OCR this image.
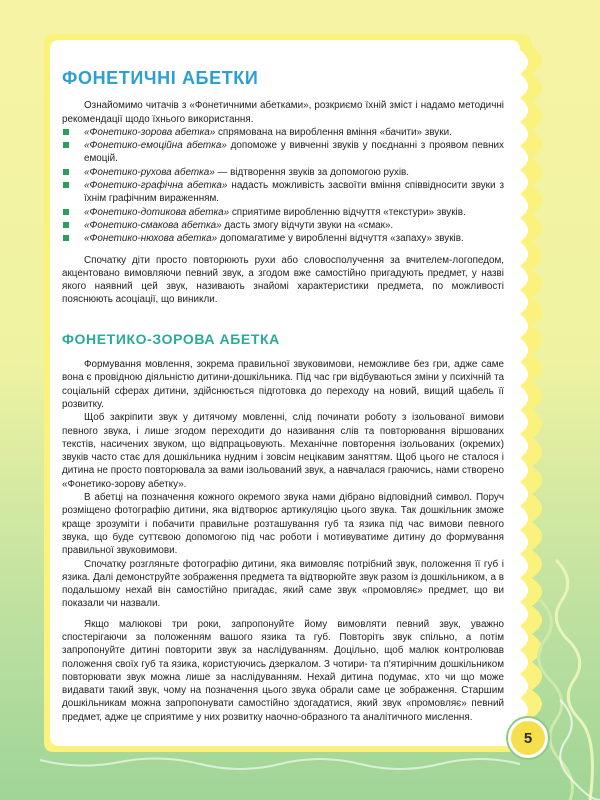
ФОНЕТИЧНІ АБЕТКИ

Ознайомимо читачів з «Фонетичними абетками», розкриємо їхній зміст і надамо методичні рекомендації щодо їхнього використання.

«Фонетико-зорова абетка» спрямована на вироблення вміння «бачити» звуки.
«Фонетико-емоційна абетка» допоможе у вивченні звуків у поєднанні з проявом певних емоцій.
«Фонетико-рухова абетка» — відтворення звуків за допомогою рухів.
«Фонетико-графічна абетка» надасть можливість засвоїти вміння співвідносити звуки з їхнім графічним вираженням.
«Фонетико-дотикова абетка» сприятиме виробленню відчуття «текстури» звуків.
«Фонетико-смакова абетка» дасть змогу відчути звуки на «смак».
«Фонетико-нюхова абетка» допомагатиме у виробленні відчуття «запаху» звуків.

Спочатку діти просто повторюють рухи або словосполучення за вчителем-логопедом, акцентовано вимовляючи певний звук, а згодом вже самостійно пригадують предмет, у назві якого наявний цей звук, називають знайомі характеристики предмета, по можливості пояснюють асоціації, що виникли.

ФОНЕТИКО-ЗОРОВА АБЕТКА

Формування мовлення, зокрема правильної звуковимови, неможливе без гри, адже саме вона є провідною діяльністю дитини-дошкільника. Під час гри відбуваються зміни у психічній та соціальній сферах дитини, здійснюється підготовка до переходу на новий, вищий щабель її розвитку.

Щоб закріпити звук у дитячому мовленні, слід починати роботу з ізольованої вимови певного звука, і лише згодом переходити до називання слів та повторювання віршованих текстів, насичених звуком, що відпрацьовують. Механічне повторення ізольованих (окремих) звуків часто стає для дошкільника нудним і зовсім нецікавим заняттям. Щоб цього не сталося і дитина не просто повторювала за вами ізольований звук, а навчалася граючись, нами створено «Фонетико-зорову абетку».

В абетці на позначення кожного окремого звука нами дібрано відповідний символ. Поруч розміщено фотографію дитини, яка відтворює артикуляцію цього звука. Так дошкільник зможе краще зрозуміти і побачити правильне розташування губ та язика під час вимови певного звука, що буде суттєвою допомогою під час роботи і мотивуватиме дитину до формування правильної звуковимови.

Спочатку розгляньте фотографію дитини, яка вимовляє потрібний звук, положення її губ і язика. Далі демонструйте зображення предмета та відтворюйте звук разом із дошкільником, а в подальшому нехай він самостійно пригадає, який саме звук «промовляє» предмет, що ви показали чи назвали.

Якщо малюкові три роки, запропонуйте йому вимовляти певний звук, уважно спостерігаючи за положенням вашого язика та губ. Повторіть звук спільно, а потім запропонуйте дитині повторити звук за наслідуванням. Доцільно, щоб малюк контролював положення своїх губ та язика, користуючись дзеркалом. З чотири- та п'ятирічним дошкільником повторювати звук можна лише за наслідуванням. Нехай дитина подумає, хто чи що може видавати такий звук, чому на позначення цього звука обрали саме це зображення. Старшим дошкільникам можна запропонувати самостійно здогадатися, який звук «промовляє» певний предмет, адже це сприятиме у них розвитку наочно-образного та аналітичного мислення.

5
